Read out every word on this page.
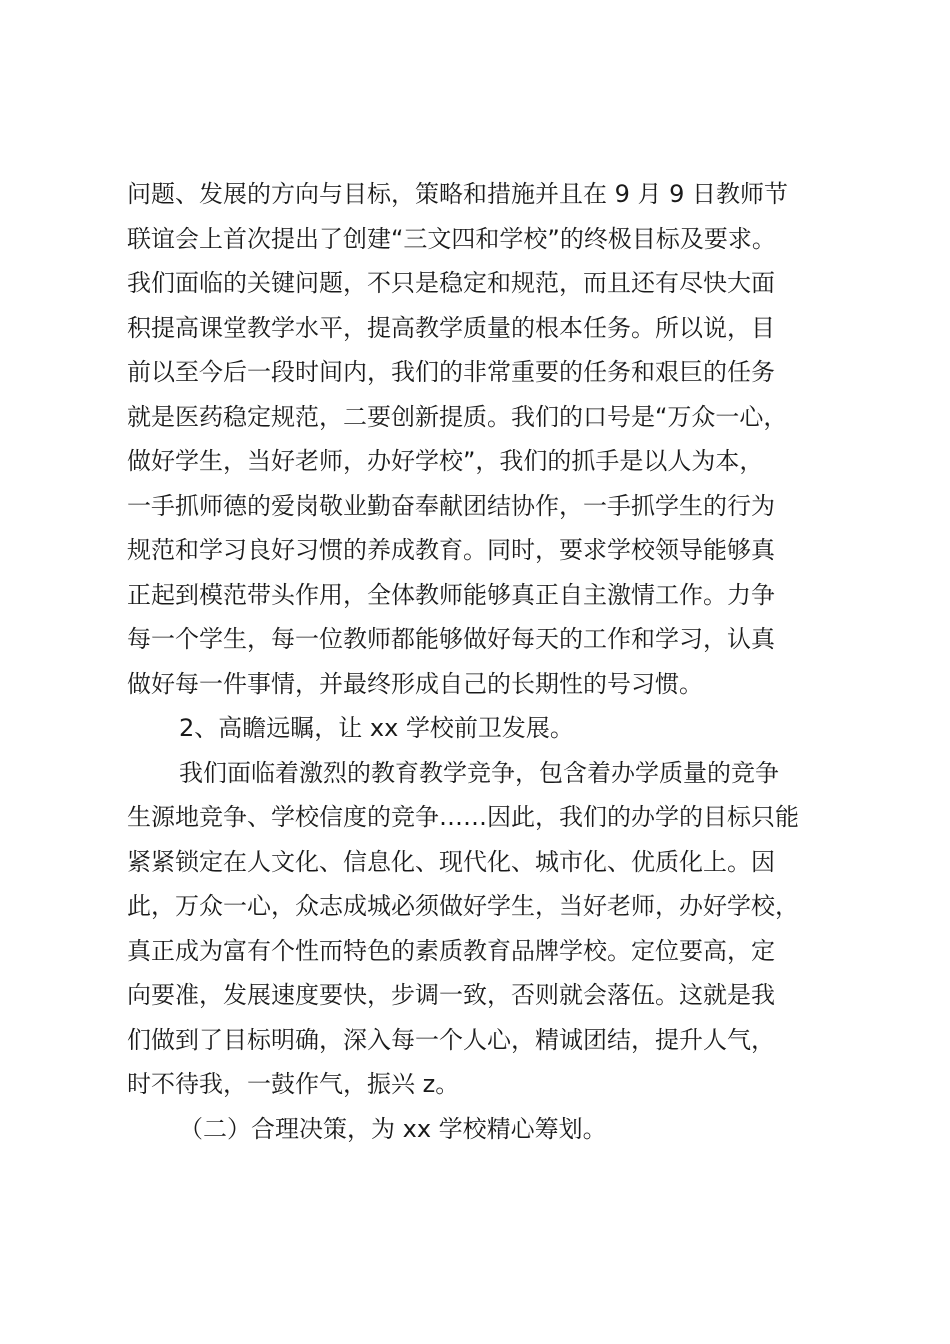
问题、发展的方向与目标，策略和措施并且在 9 月 9 日教师节
联谊会上首次提出了创建“三文四和学校”的终极目标及要求。
我们面临的关键问题，不只是稳定和规范，而且还有尽快大面
积提高课堂教学水平，提高教学质量的根本任务。所以说，目
前以至今后一段时间内，我们的非常重要的任务和艰巨的任务
就是医药稳定规范，二要创新提质。我们的口号是“万众一心，
做好学生，当好老师，办好学校”，我们的抓手是以人为本，
一手抓师德的爱岗敬业勤奋奉献团结协作，一手抓学生的行为
规范和学习良好习惯的养成教育。同时，要求学校领导能够真
正起到模范带头作用，全体教师能够真正自主激情工作。力争
每一个学生，每一位教师都能够做好每天的工作和学习，认真
做好每一件事情，并最终形成自己的长期性的号习惯。
2、高瞻远瞩，让 xx 学校前卫发展。
我们面临着激烈的教育教学竞争，包含着办学质量的竞争
生源地竞争、学校信度的竞争……因此，我们的办学的目标只能
紧紧锁定在人文化、信息化、现代化、城市化、优质化上。因
此，万众一心，众志成城必须做好学生，当好老师，办好学校，
真正成为富有个性而特色的素质教育品牌学校。定位要高，定
向要准，发展速度要快，步调一致，否则就会落伍。这就是我
们做到了目标明确，深入每一个人心，精诚团结，提升人气，
时不待我，一鼓作气，振兴 z。
（二）合理决策，为 xx 学校精心筹划。
